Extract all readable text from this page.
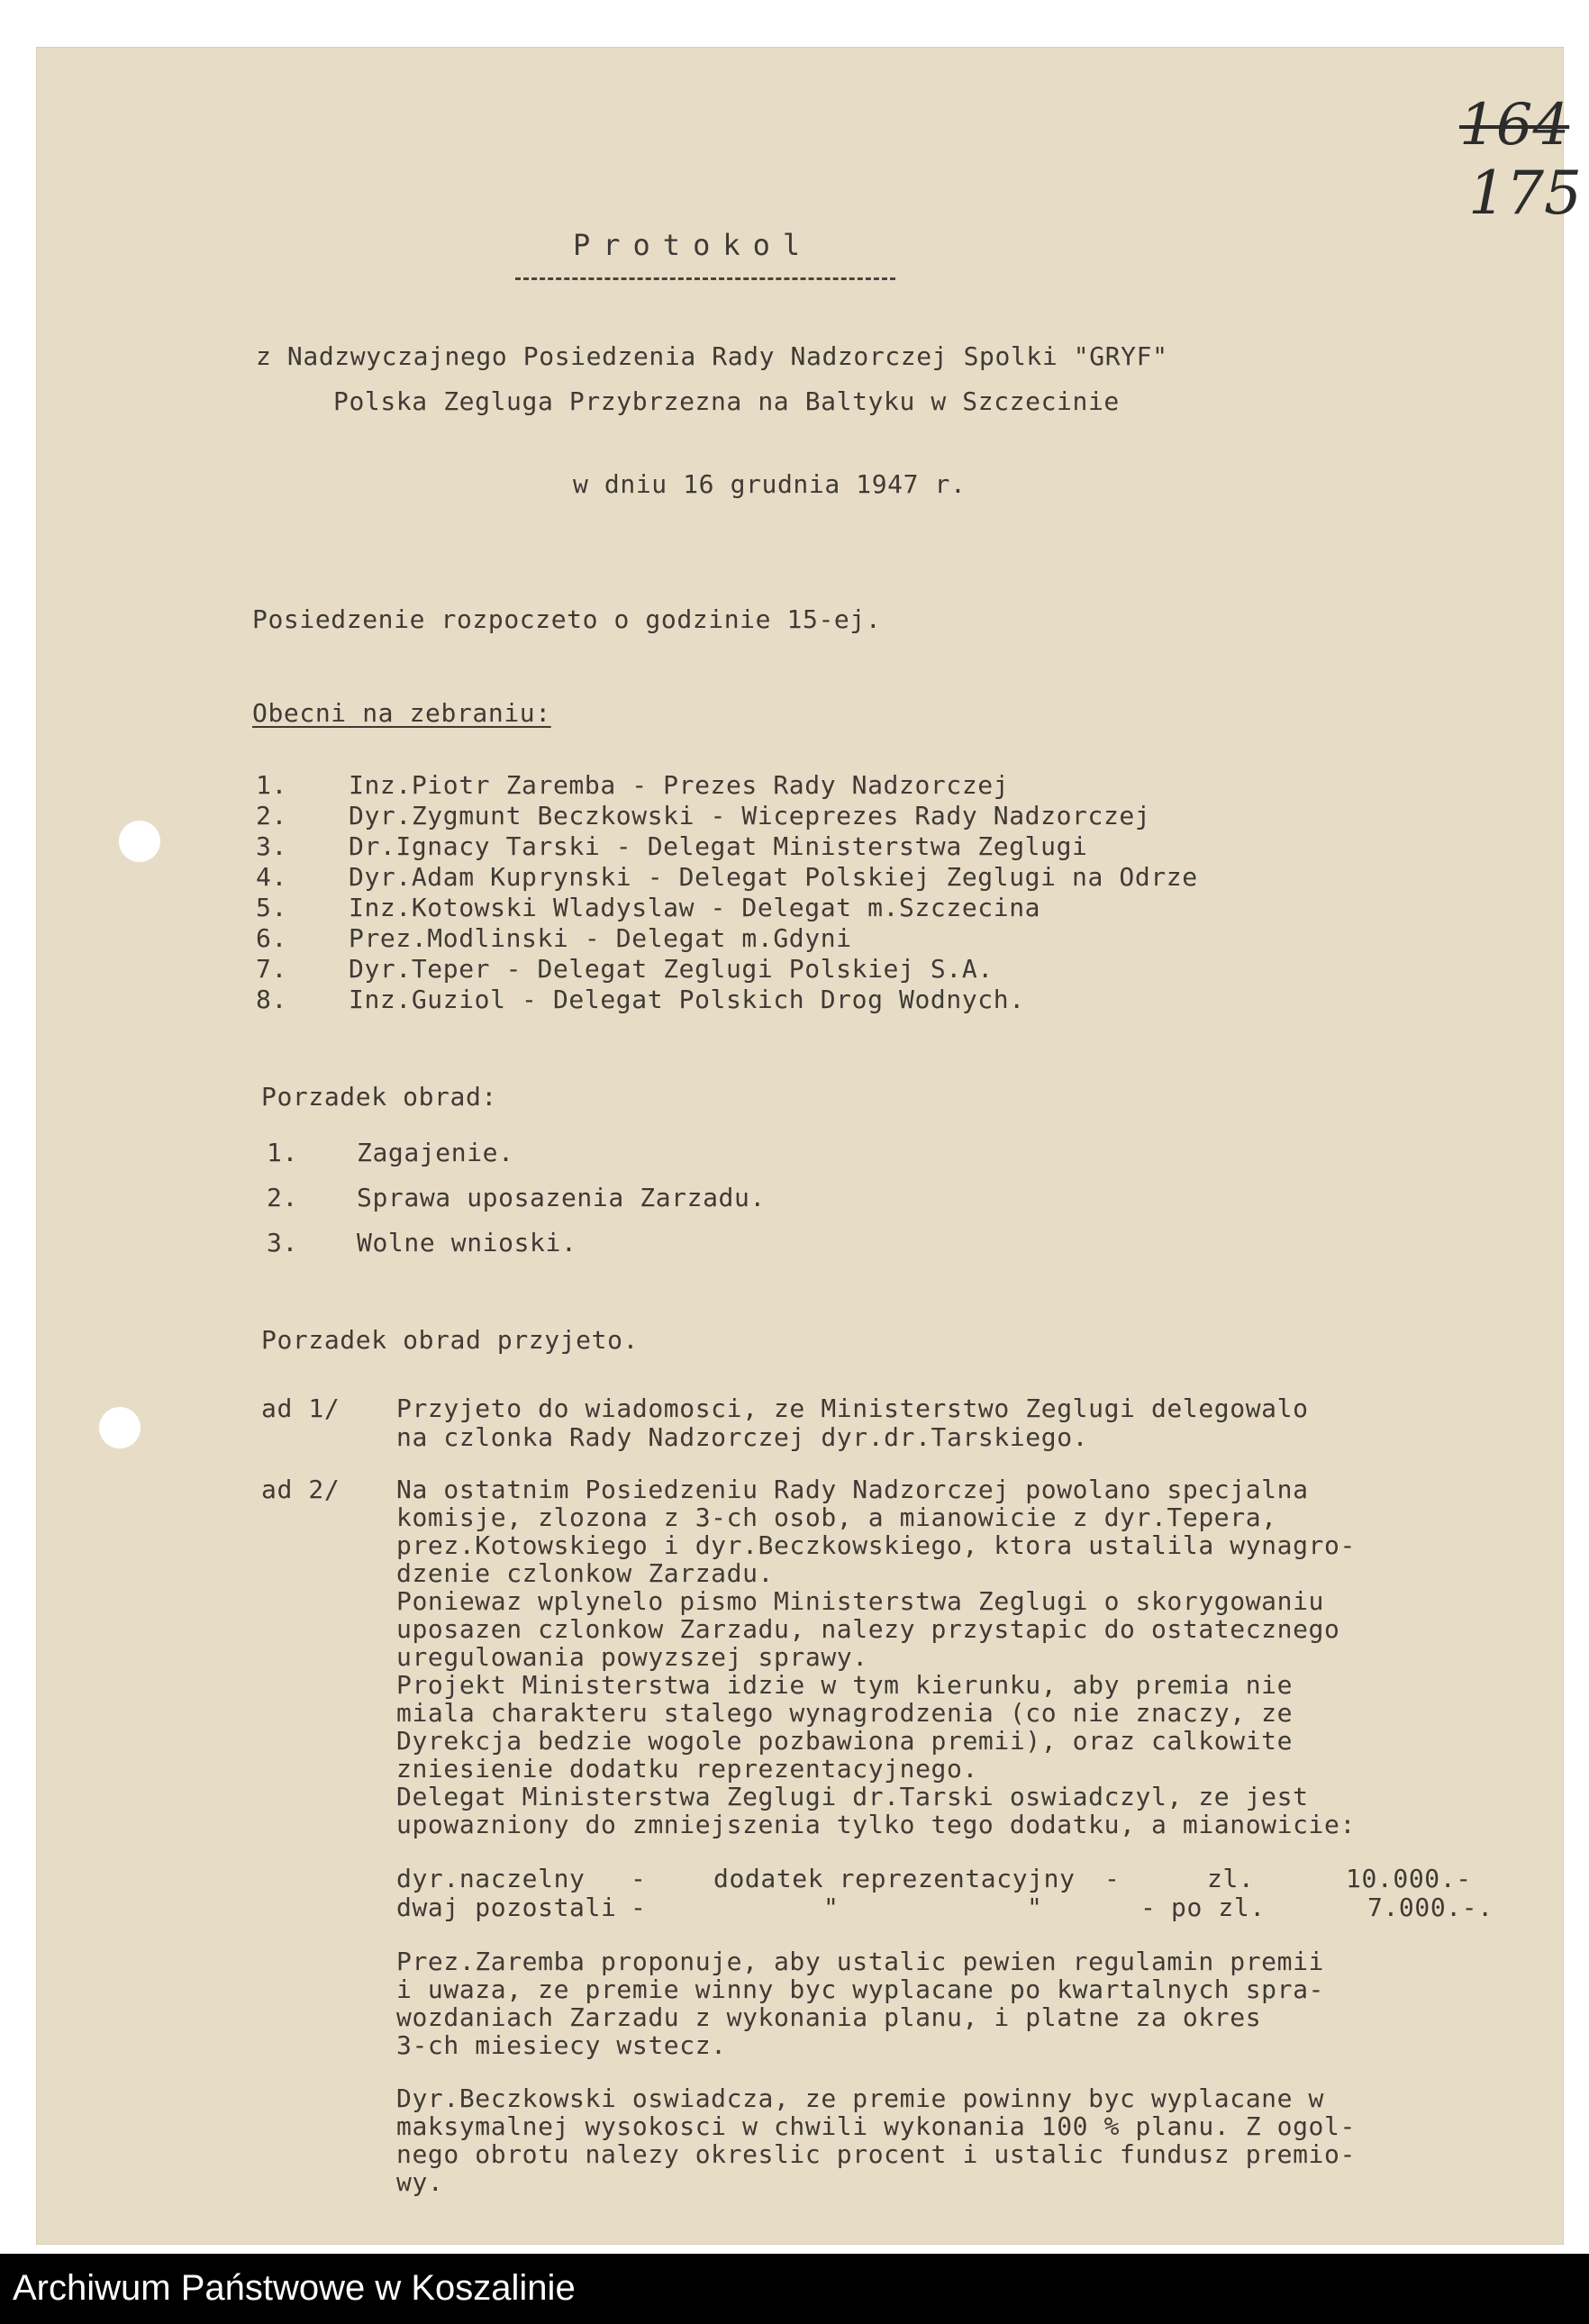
164
175
Protokol
z Nadzwyczajnego Posiedzenia Rady Nadzorczej Spolki "GRYF"
Polska Zegluga Przybrzezna na Baltyku w Szczecinie
w dniu 16 grudnia 1947 r.
Posiedzenie rozpoczeto o godzinie 15-ej.
Obecni na zebraniu:
1. Inz.Piotr Zaremba - Prezes Rady Nadzorczej
2. Dyr.Zygmunt Beczkowski - Wiceprezes Rady Nadzorczej
3. Dr.Ignacy Tarski - Delegat Ministerstwa Zeglugi
4. Dyr.Adam Kuprynski - Delegat Polskiej Zeglugi na Odrze
5. Inz.Kotowski Wladyslaw - Delegat m.Szczecina
6. Prez.Modlinski - Delegat m.Gdyni
7. Dyr.Teper - Delegat Zeglugi Polskiej S.A.
8. Inz.Guziol - Delegat Polskich Drog Wodnych.
Porzadek obrad:
1. Zagajenie.
2. Sprawa uposazenia Zarzadu.
3. Wolne wnioski.
Porzadek obrad przyjeto.
ad 1/ Przyjeto do wiadomosci, ze Ministerstwo Zeglugi delegowalo
na czlonka Rady Nadzorczej dyr.dr.Tarskiego.
ad 2/ Na ostatnim Posiedzeniu Rady Nadzorczej powolano specjalna
komisje, zlozona z 3-ch osob, a mianowicie z dyr.Tepera,
prez.Kotowskiego i dyr.Beczkowskiego, ktora ustalila wynagro-
dzenie czlonkow Zarzadu.
Poniewaz wplynelo pismo Ministerstwa Zeglugi o skorygowaniu
uposazen czlonkow Zarzadu, nalezy przystapic do ostatecznego
uregulowania powyzszej sprawy.
Projekt Ministerstwa idzie w tym kierunku, aby premia nie
miala charakteru stalego wynagrodzenia (co nie znaczy, ze
Dyrekcja bedzie wogole pozbawiona premii), oraz calkowite
zniesienie dodatku reprezentacyjnego.
Delegat Ministerstwa Zeglugi dr.Tarski oswiadczyl, ze jest
upowazniony do zmniejszenia tylko tego dodatku, a mianowicie:
dyr.naczelny -	dodatek reprezentacyjny -	zl.	10.000.-
dwaj pozostali -	"	"	- po zl.	7.000.-.
Prez.Zaremba proponuje, aby ustalic pewien regulamin premii
i uwaza, ze premie winny byc wyplacane po kwartalnych spra-
wozdaniach Zarzadu z wykonania planu, i platne za okres
3-ch miesiecy wstecz.
Dyr.Beczkowski oswiadcza, ze premie powinny byc wyplacane w
maksymalnej wysokosci w chwili wykonania 100 % planu. Z ogol-
nego obrotu nalezy okreslic procent i ustalic fundusz premio-
wy.
Archiwum Państwowe w Koszalinie
